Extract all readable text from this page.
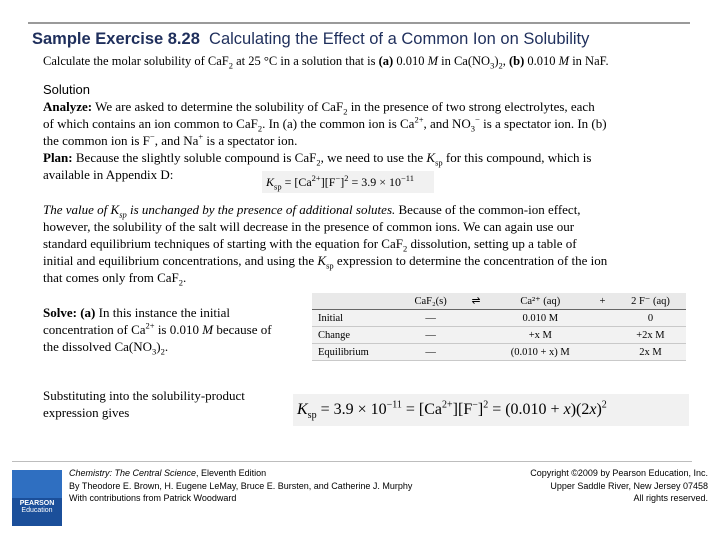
Sample Exercise 8.28 Calculating the Effect of a Common Ion on Solubility
Calculate the molar solubility of CaF$_2$ at 25 °C in a solution that is (a) 0.010 M in $Ca(NO_3)_2$, (b) 0.010 M in NaF.
Solution
Analyze: We are asked to determine the solubility of CaF$_2$ in the presence of two strong electrolytes, each
of which contains an ion common to CaF$_2$. In (a) the common ion is $Ca^{2+}$, and $NO_3^-$ is a spectator ion. In (b)
the common ion is F−, and Na+ is a spectator ion.
Plan: Because the slightly soluble compound is CaF$_2$, we need to use the $K_{sp}$ for this compound, which is
available in Appendix D:	$K_{sp} = [Ca^{2+}][F^-]^2 = 3.9 \times 10^{-11}$
The value of $K_{sp}$ is unchanged by the presence of additional solutes. Because of the common-ion effect,
however, the solubility of the salt will decrease in the presence of common ions. We can again use our
standard equilibrium techniques of starting with the equation for CaF$_2$ dissolution, setting up a table of
initial and equilibrium concentrations, and using the $K_{sp}$ expression to determine the concentration of the ion
that comes only from CaF$_2$.
Solve: (a) In this instance the initial
concentration of $Ca^{2+}$ is 0.010 M because of
the dissolved $Ca(NO_3)_2$.
	CaF₂(s)	⇌	Ca²⁺ (aq)	+	2 F⁻ (aq)
Initial	—		0.010 M		0
Change	—		+x M		+2x M
Equilibrium	—		(0.010 + x) M		2x M
Substituting into the solubility-product
expression gives	$K_{sp} = 3.9 \times 10^{-11} = [Ca^{2+}][F^-]^2 = (0.010 + x)(2x)^2$
PEARSON
Education
Chemistry: The Central Science, Eleventh Edition
By Theodore E. Brown, H. Eugene LeMay, Bruce E. Bursten, and Catherine J. Murphy
With contributions from Patrick Woodward
Copyright ©2009 by Pearson Education, Inc.
Upper Saddle River, New Jersey 07458
All rights reserved.
